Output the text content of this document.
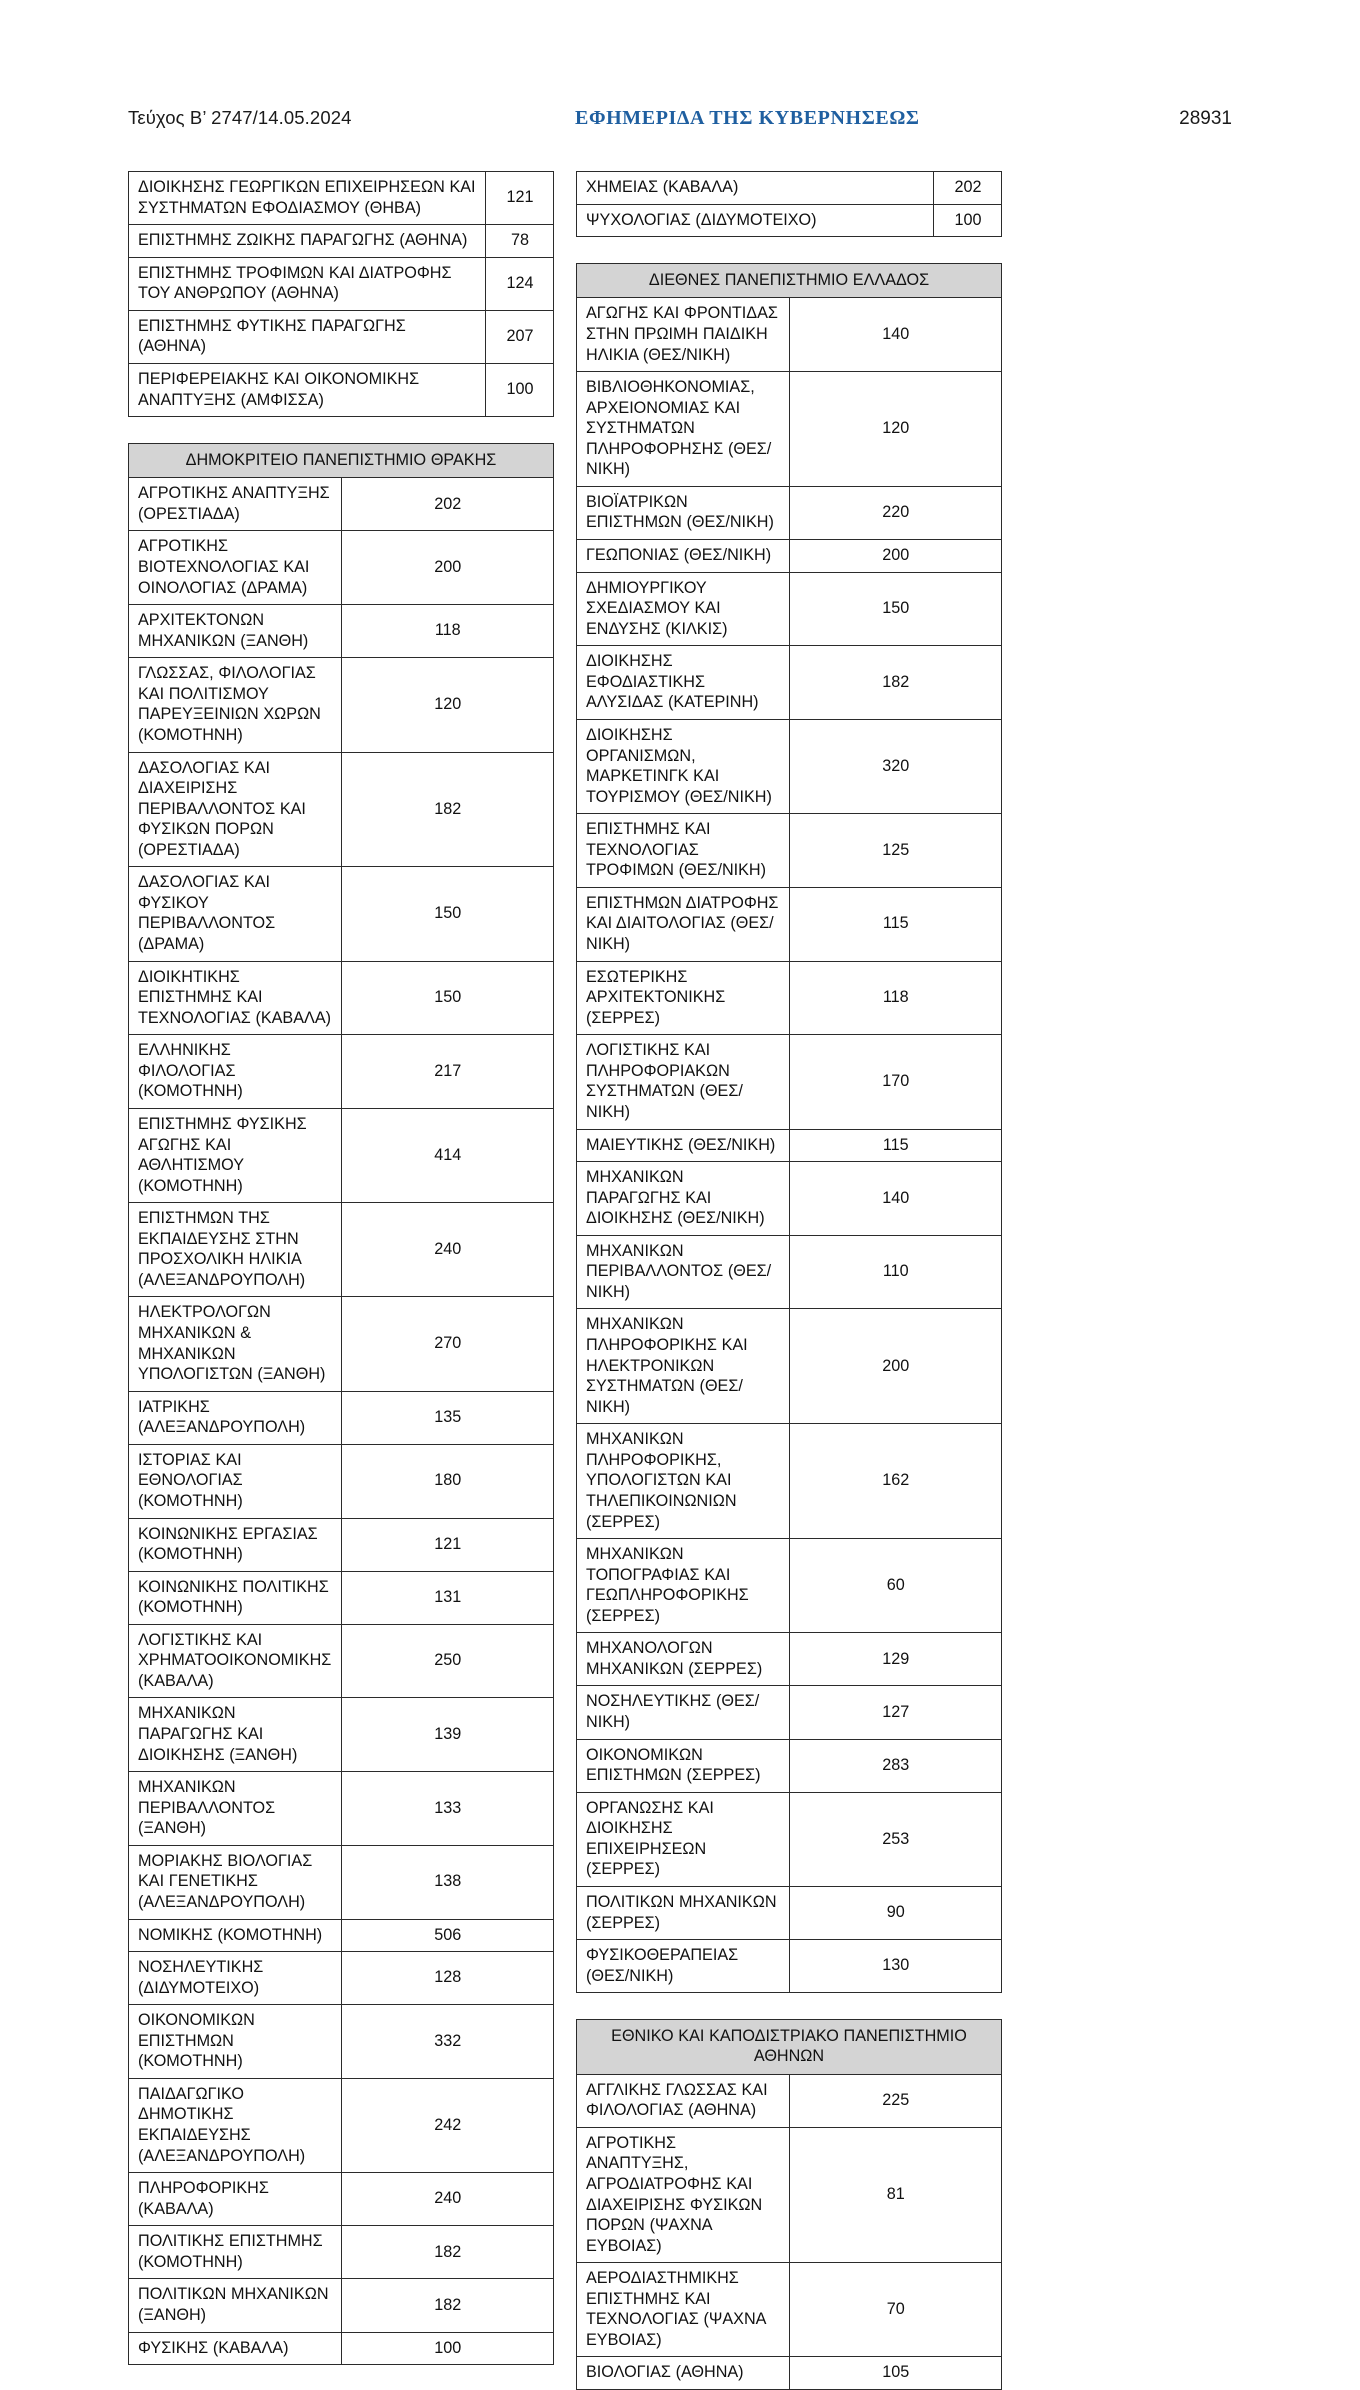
Τεύχος Β’ 2747/14.05.2024	ΕΦΗΜΕΡΙΔΑ ΤΗΣ ΚΥΒΕΡΝΗΣΕΩΣ	28931
ΔΙΟΙΚΗΣΗΣ ΓΕΩΡΓΙΚΩΝ ΕΠΙΧΕΙΡΗΣΕΩΝ ΚΑΙ ΣΥΣΤΗΜΑΤΩΝ ΕΦΟΔΙΑΣΜΟΥ (ΘΗΒΑ)	121
ΕΠΙΣΤΗΜΗΣ ΖΩΙΚΗΣ ΠΑΡΑΓΩΓΗΣ (ΑΘΗΝΑ)	78
ΕΠΙΣΤΗΜΗΣ ΤΡΟΦΙΜΩΝ ΚΑΙ ΔΙΑΤΡΟΦΗΣ ΤΟΥ ΑΝΘΡΩΠΟΥ (ΑΘΗΝΑ)	124
ΕΠΙΣΤΗΜΗΣ ΦΥΤΙΚΗΣ ΠΑΡΑΓΩΓΗΣ (ΑΘΗΝΑ)	207
ΠΕΡΙΦΕΡΕΙΑΚΗΣ ΚΑΙ ΟΙΚΟΝΟΜΙΚΗΣ ΑΝΑΠΤΥΞΗΣ (ΑΜΦΙΣΣΑ)	100
ΔΗΜΟΚΡΙΤΕΙΟ ΠΑΝΕΠΙΣΤΗΜΙΟ ΘΡΑΚΗΣ	
ΑΓΡΟΤΙΚΗΣ ΑΝΑΠΤΥΞΗΣ (ΟΡΕΣΤΙΑΔΑ)	202
ΑΓΡΟΤΙΚΗΣ ΒΙΟΤΕΧΝΟΛΟΓΙΑΣ ΚΑΙ ΟΙΝΟΛΟΓΙΑΣ (ΔΡΑΜΑ)	200
ΑΡΧΙΤΕΚΤΟΝΩΝ ΜΗΧΑΝΙΚΩΝ (ΞΑΝΘΗ)	118
ΓΛΩΣΣΑΣ, ΦΙΛΟΛΟΓΙΑΣ ΚΑΙ ΠΟΛΙΤΙΣΜΟΥ ΠΑΡΕΥΞΕΙΝΙΩΝ ΧΩΡΩΝ (ΚΟΜΟΤΗΝΗ)	120
ΔΑΣΟΛΟΓΙΑΣ ΚΑΙ ΔΙΑΧΕΙΡΙΣΗΣ ΠΕΡΙΒΑΛΛΟΝΤΟΣ ΚΑΙ ΦΥΣΙΚΩΝ ΠΟΡΩΝ (ΟΡΕΣΤΙΑΔΑ)	182
ΔΑΣΟΛΟΓΙΑΣ ΚΑΙ ΦΥΣΙΚΟΥ ΠΕΡΙΒΑΛΛΟΝΤΟΣ (ΔΡΑΜΑ)	150
ΔΙΟΙΚΗΤΙΚΗΣ ΕΠΙΣΤΗΜΗΣ ΚΑΙ ΤΕΧΝΟΛΟΓΙΑΣ (ΚΑΒΑΛΑ)	150
ΕΛΛΗΝΙΚΗΣ ΦΙΛΟΛΟΓΙΑΣ (ΚΟΜΟΤΗΝΗ)	217
ΕΠΙΣΤΗΜΗΣ ΦΥΣΙΚΗΣ ΑΓΩΓΗΣ ΚΑΙ ΑΘΛΗΤΙΣΜΟΥ (ΚΟΜΟΤΗΝΗ)	414
ΕΠΙΣΤΗΜΩΝ ΤΗΣ ΕΚΠΑΙΔΕΥΣΗΣ ΣΤΗΝ ΠΡΟΣΧΟΛΙΚΗ ΗΛΙΚΙΑ (ΑΛΕΞΑΝΔΡΟΥΠΟΛΗ)	240
ΗΛΕΚΤΡΟΛΟΓΩΝ ΜΗΧΑΝΙΚΩΝ & ΜΗΧΑΝΙΚΩΝ ΥΠΟΛΟΓΙΣΤΩΝ (ΞΑΝΘΗ)	270
ΙΑΤΡΙΚΗΣ (ΑΛΕΞΑΝΔΡΟΥΠΟΛΗ)	135
ΙΣΤΟΡΙΑΣ ΚΑΙ ΕΘΝΟΛΟΓΙΑΣ (ΚΟΜΟΤΗΝΗ)	180
ΚΟΙΝΩΝΙΚΗΣ ΕΡΓΑΣΙΑΣ (ΚΟΜΟΤΗΝΗ)	121
ΚΟΙΝΩΝΙΚΗΣ ΠΟΛΙΤΙΚΗΣ (ΚΟΜΟΤΗΝΗ)	131
ΛΟΓΙΣΤΙΚΗΣ ΚΑΙ ΧΡΗΜΑΤΟΟΙΚΟΝΟΜΙΚΗΣ (ΚΑΒΑΛΑ)	250
ΜΗΧΑΝΙΚΩΝ ΠΑΡΑΓΩΓΗΣ ΚΑΙ ΔΙΟΙΚΗΣΗΣ (ΞΑΝΘΗ)	139
ΜΗΧΑΝΙΚΩΝ ΠΕΡΙΒΑΛΛΟΝΤΟΣ (ΞΑΝΘΗ)	133
ΜΟΡΙΑΚΗΣ ΒΙΟΛΟΓΙΑΣ ΚΑΙ ΓΕΝΕΤΙΚΗΣ (ΑΛΕΞΑΝΔΡΟΥΠΟΛΗ)	138
ΝΟΜΙΚΗΣ (ΚΟΜΟΤΗΝΗ)	506
ΝΟΣΗΛΕΥΤΙΚΗΣ (ΔΙΔΥΜΟΤΕΙΧΟ)	128
ΟΙΚΟΝΟΜΙΚΩΝ ΕΠΙΣΤΗΜΩΝ (ΚΟΜΟΤΗΝΗ)	332
ΠΑΙΔΑΓΩΓΙΚΟ ΔΗΜΟΤΙΚΗΣ ΕΚΠΑΙΔΕΥΣΗΣ (ΑΛΕΞΑΝΔΡΟΥΠΟΛΗ)	242
ΠΛΗΡΟΦΟΡΙΚΗΣ (ΚΑΒΑΛΑ)	240
ΠΟΛΙΤΙΚΗΣ ΕΠΙΣΤΗΜΗΣ (ΚΟΜΟΤΗΝΗ)	182
ΠΟΛΙΤΙΚΩΝ ΜΗΧΑΝΙΚΩΝ (ΞΑΝΘΗ)	182
ΦΥΣΙΚΗΣ (ΚΑΒΑΛΑ)	100
ΧΗΜΕΙΑΣ (ΚΑΒΑΛΑ)	202
ΨΥΧΟΛΟΓΙΑΣ (ΔΙΔΥΜΟΤΕΙΧΟ)	100
ΔΙΕΘΝΕΣ ΠΑΝΕΠΙΣΤΗΜΙΟ ΕΛΛΑΔΟΣ	
ΑΓΩΓΗΣ ΚΑΙ ΦΡΟΝΤΙΔΑΣ ΣΤΗΝ ΠΡΩΙΜΗ ΠΑΙΔΙΚΗ ΗΛΙΚΙΑ (ΘΕΣ/ΝΙΚΗ)	140
ΒΙΒΛΙΟΘΗΚΟΝΟΜΙΑΣ, ΑΡΧΕΙΟΝΟΜΙΑΣ ΚΑΙ ΣΥΣΤΗΜΑΤΩΝ ΠΛΗΡΟΦΟΡΗΣΗΣ (ΘΕΣ/ΝΙΚΗ)	120
ΒΙΟΪΑΤΡΙΚΩΝ ΕΠΙΣΤΗΜΩΝ (ΘΕΣ/ΝΙΚΗ)	220
ΓΕΩΠΟΝΙΑΣ (ΘΕΣ/ΝΙΚΗ)	200
ΔΗΜΙΟΥΡΓΙΚΟΥ ΣΧΕΔΙΑΣΜΟΥ ΚΑΙ ΕΝΔΥΣΗΣ (ΚΙΛΚΙΣ)	150
ΔΙΟΙΚΗΣΗΣ ΕΦΟΔΙΑΣΤΙΚΗΣ ΑΛΥΣΙΔΑΣ (ΚΑΤΕΡΙΝΗ)	182
ΔΙΟΙΚΗΣΗΣ ΟΡΓΑΝΙΣΜΩΝ, ΜΑΡΚΕΤΙΝΓΚ ΚΑΙ ΤΟΥΡΙΣΜΟΥ (ΘΕΣ/ΝΙΚΗ)	320
ΕΠΙΣΤΗΜΗΣ ΚΑΙ ΤΕΧΝΟΛΟΓΙΑΣ ΤΡΟΦΙΜΩΝ (ΘΕΣ/ΝΙΚΗ)	125
ΕΠΙΣΤΗΜΩΝ ΔΙΑΤΡΟΦΗΣ ΚΑΙ ΔΙΑΙΤΟΛΟΓΙΑΣ (ΘΕΣ/ΝΙΚΗ)	115
ΕΣΩΤΕΡΙΚΗΣ ΑΡΧΙΤΕΚΤΟΝΙΚΗΣ (ΣΕΡΡΕΣ)	118
ΛΟΓΙΣΤΙΚΗΣ ΚΑΙ ΠΛΗΡΟΦΟΡΙΑΚΩΝ ΣΥΣΤΗΜΑΤΩΝ (ΘΕΣ/ΝΙΚΗ)	170
ΜΑΙΕΥΤΙΚΗΣ (ΘΕΣ/ΝΙΚΗ)	115
ΜΗΧΑΝΙΚΩΝ ΠΑΡΑΓΩΓΗΣ ΚΑΙ ΔΙΟΙΚΗΣΗΣ (ΘΕΣ/ΝΙΚΗ)	140
ΜΗΧΑΝΙΚΩΝ ΠΕΡΙΒΑΛΛΟΝΤΟΣ (ΘΕΣ/ΝΙΚΗ)	110
ΜΗΧΑΝΙΚΩΝ ΠΛΗΡΟΦΟΡΙΚΗΣ ΚΑΙ ΗΛΕΚΤΡΟΝΙΚΩΝ ΣΥΣΤΗΜΑΤΩΝ (ΘΕΣ/ΝΙΚΗ)	200
ΜΗΧΑΝΙΚΩΝ ΠΛΗΡΟΦΟΡΙΚΗΣ, ΥΠΟΛΟΓΙΣΤΩΝ ΚΑΙ ΤΗΛΕΠΙΚΟΙΝΩΝΙΩΝ (ΣΕΡΡΕΣ)	162
ΜΗΧΑΝΙΚΩΝ ΤΟΠΟΓΡΑΦΙΑΣ ΚΑΙ ΓΕΩΠΛΗΡΟΦΟΡΙΚΗΣ (ΣΕΡΡΕΣ)	60
ΜΗΧΑΝΟΛΟΓΩΝ ΜΗΧΑΝΙΚΩΝ (ΣΕΡΡΕΣ)	129
ΝΟΣΗΛΕΥΤΙΚΗΣ (ΘΕΣ/ΝΙΚΗ)	127
ΟΙΚΟΝΟΜΙΚΩΝ ΕΠΙΣΤΗΜΩΝ (ΣΕΡΡΕΣ)	283
ΟΡΓΑΝΩΣΗΣ ΚΑΙ ΔΙΟΙΚΗΣΗΣ ΕΠΙΧΕΙΡΗΣΕΩΝ (ΣΕΡΡΕΣ)	253
ΠΟΛΙΤΙΚΩΝ ΜΗΧΑΝΙΚΩΝ (ΣΕΡΡΕΣ)	90
ΦΥΣΙΚΟΘΕΡΑΠΕΙΑΣ (ΘΕΣ/ΝΙΚΗ)	130
ΕΘΝΙΚΟ ΚΑΙ ΚΑΠΟΔΙΣΤΡΙΑΚΟ ΠΑΝΕΠΙΣΤΗΜΙΟ ΑΘΗΝΩΝ	
ΑΓΓΛΙΚΗΣ ΓΛΩΣΣΑΣ ΚΑΙ ΦΙΛΟΛΟΓΙΑΣ (ΑΘΗΝΑ)	225
ΑΓΡΟΤΙΚΗΣ ΑΝΑΠΤΥΞΗΣ, ΑΓΡΟΔΙΑΤΡΟΦΗΣ ΚΑΙ ΔΙΑΧΕΙΡΙΣΗΣ ΦΥΣΙΚΩΝ ΠΟΡΩΝ (ΨΑΧΝΑ ΕΥΒΟΙΑΣ)	81
ΑΕΡΟΔΙΑΣΤΗΜΙΚΗΣ ΕΠΙΣΤΗΜΗΣ ΚΑΙ ΤΕΧΝΟΛΟΓΙΑΣ (ΨΑΧΝΑ ΕΥΒΟΙΑΣ)	70
ΒΙΟΛΟΓΙΑΣ (ΑΘΗΝΑ)	105
